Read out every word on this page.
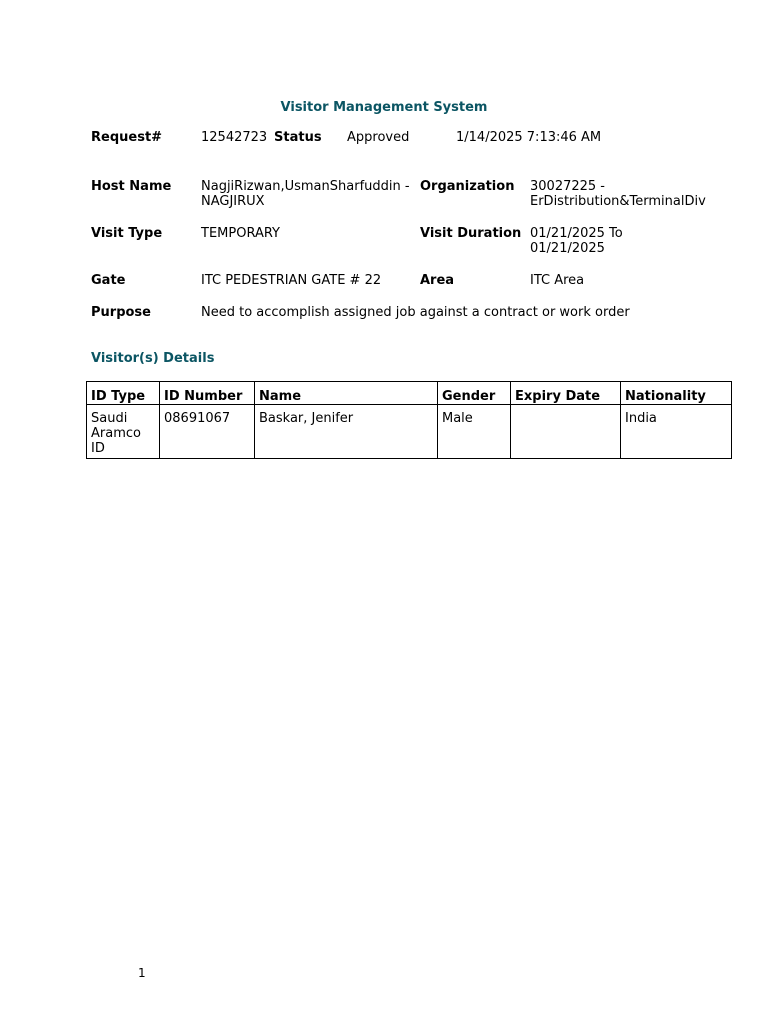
Visitor Management System
Request#	12542723 Status Approved	1/14/2025 7:13:46 AM
Host Name NagjiRizwan,UsmanSharfuddin -
NAGJIRUX
Organization 30027225 -
ErDistribution&TerminalDiv
Visit Type	TEMPORARY	Visit Duration 01/21/2025 To
01/21/2025
Gate	ITC PEDESTRIAN GATE # 22	Area	ITC Area
Purpose	Need to accomplish assigned job against a contract or work order
Visitor(s) Details
ID Type	ID Number	Name	Gender	Expiry Date	Nationality

Saudi
Aramco
ID	08691067	Baskar, Jenifer	Male		India
1
